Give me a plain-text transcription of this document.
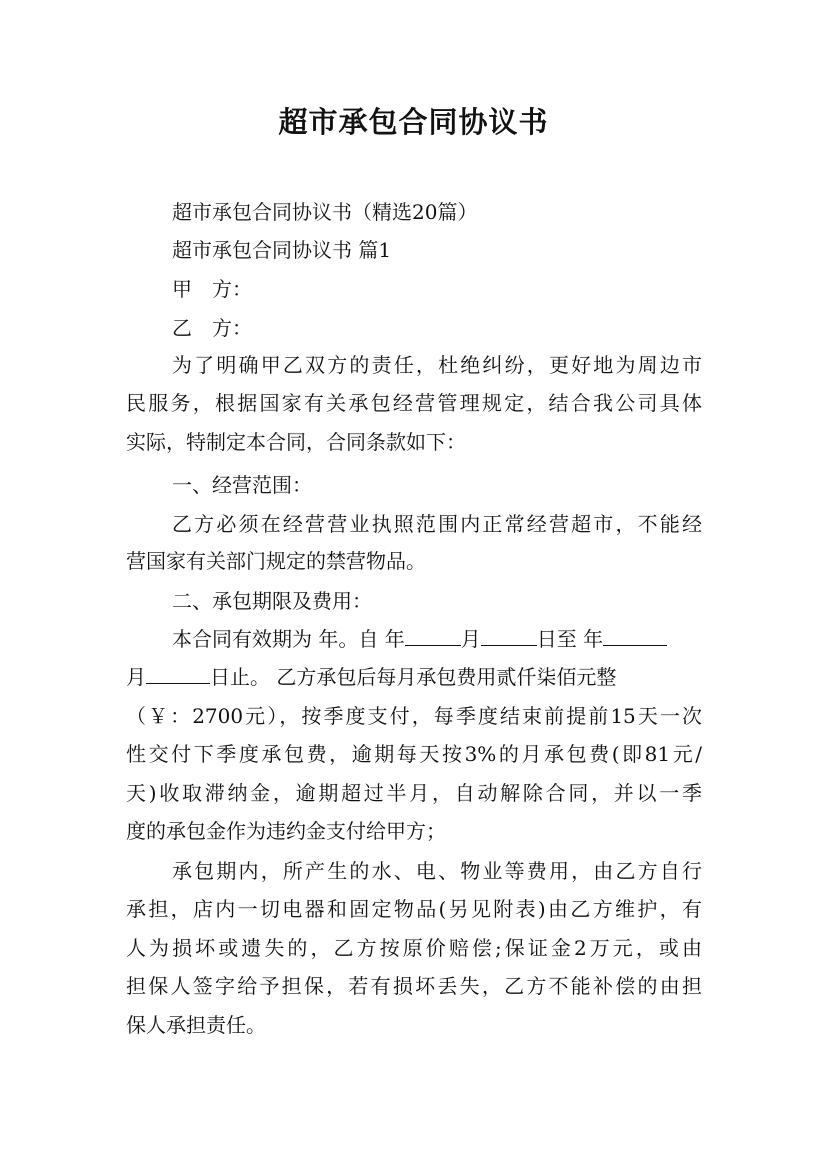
超市承包合同协议书
超市承包合同协议书（精选20篇）
超市承包合同协议书 篇1
甲　方：
乙　方：
为了明确甲乙双方的责任，杜绝纠纷，更好地为周边市
民服务，根据国家有关承包经营管理规定，结合我公司具体
实际，特制定本合同，合同条款如下：
一、经营范围：
乙方必须在经营营业执照范围内正常经营超市，不能经
营国家有关部门规定的禁营物品。
二、承包期限及费用：
本合同有效期为 年。自 年	月	日至 年
月	日止。 乙方承包后每月承包费用贰仟柒佰元整
（￥：2700元），按季度支付，每季度结束前提前15天一次
性交付下季度承包费，逾期每天按3%的月承包费(即81元/
天)收取滞纳金，逾期超过半月，自动解除合同，并以一季
度的承包金作为违约金支付给甲方；
承包期内，所产生的水、电、物业等费用，由乙方自行
承担，店内一切电器和固定物品(另见附表)由乙方维护，有
人为损坏或遗失的，乙方按原价赔偿;保证金2万元，或由
担保人签字给予担保，若有损坏丢失，乙方不能补偿的由担
保人承担责任。
